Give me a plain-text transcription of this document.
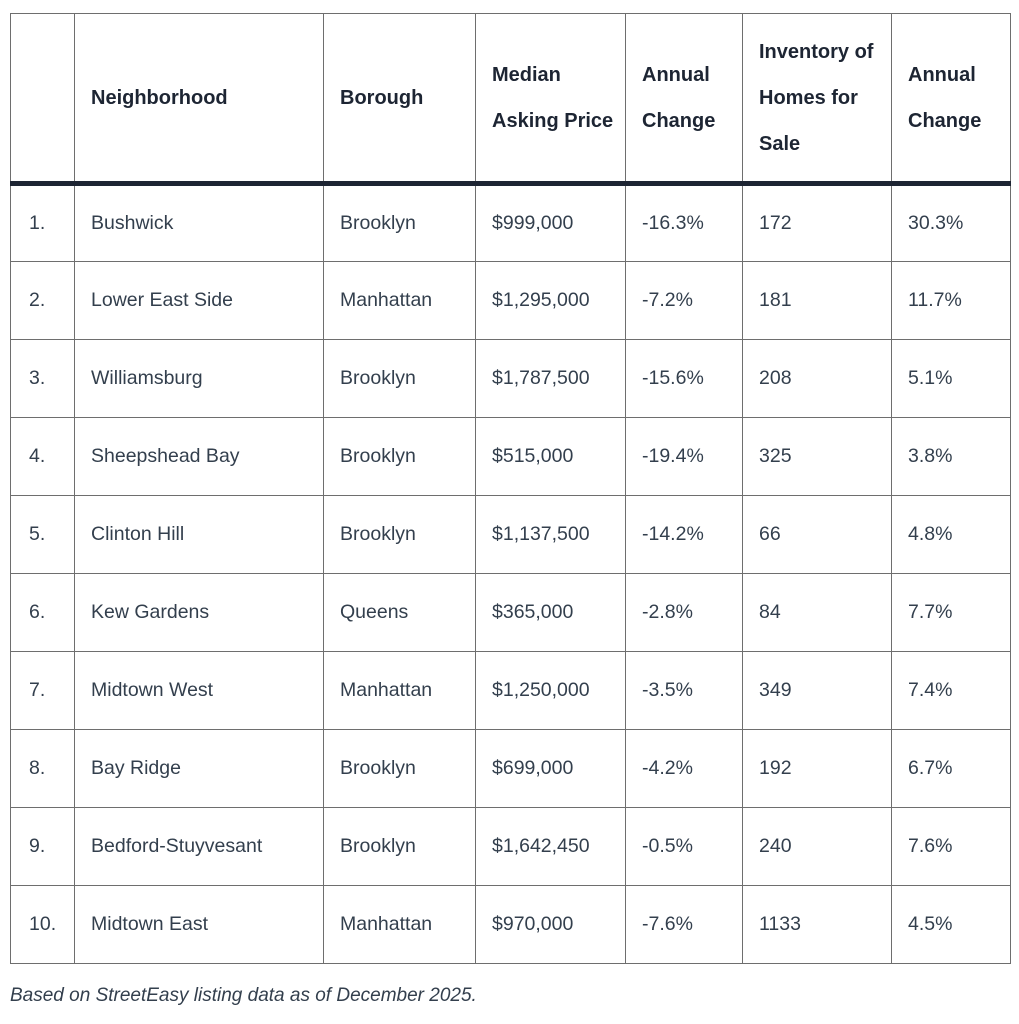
	Neighborhood	Borough	Median Asking Price	Annual Change	Inventory of Homes for Sale	Annual Change
1.	Bushwick	Brooklyn	$999,000	-16.3%	172	30.3%
2.	Lower East Side	Manhattan	$1,295,000	-7.2%	181	11.7%
3.	Williamsburg	Brooklyn	$1,787,500	-15.6%	208	5.1%
4.	Sheepshead Bay	Brooklyn	$515,000	-19.4%	325	3.8%
5.	Clinton Hill	Brooklyn	$1,137,500	-14.2%	66	4.8%
6.	Kew Gardens	Queens	$365,000	-2.8%	84	7.7%
7.	Midtown West	Manhattan	$1,250,000	-3.5%	349	7.4%
8.	Bay Ridge	Brooklyn	$699,000	-4.2%	192	6.7%
9.	Bedford-Stuyvesant	Brooklyn	$1,642,450	-0.5%	240	7.6%
10.	Midtown East	Manhattan	$970,000	-7.6%	1133	4.5%
Based on StreetEasy listing data as of December 2025.
